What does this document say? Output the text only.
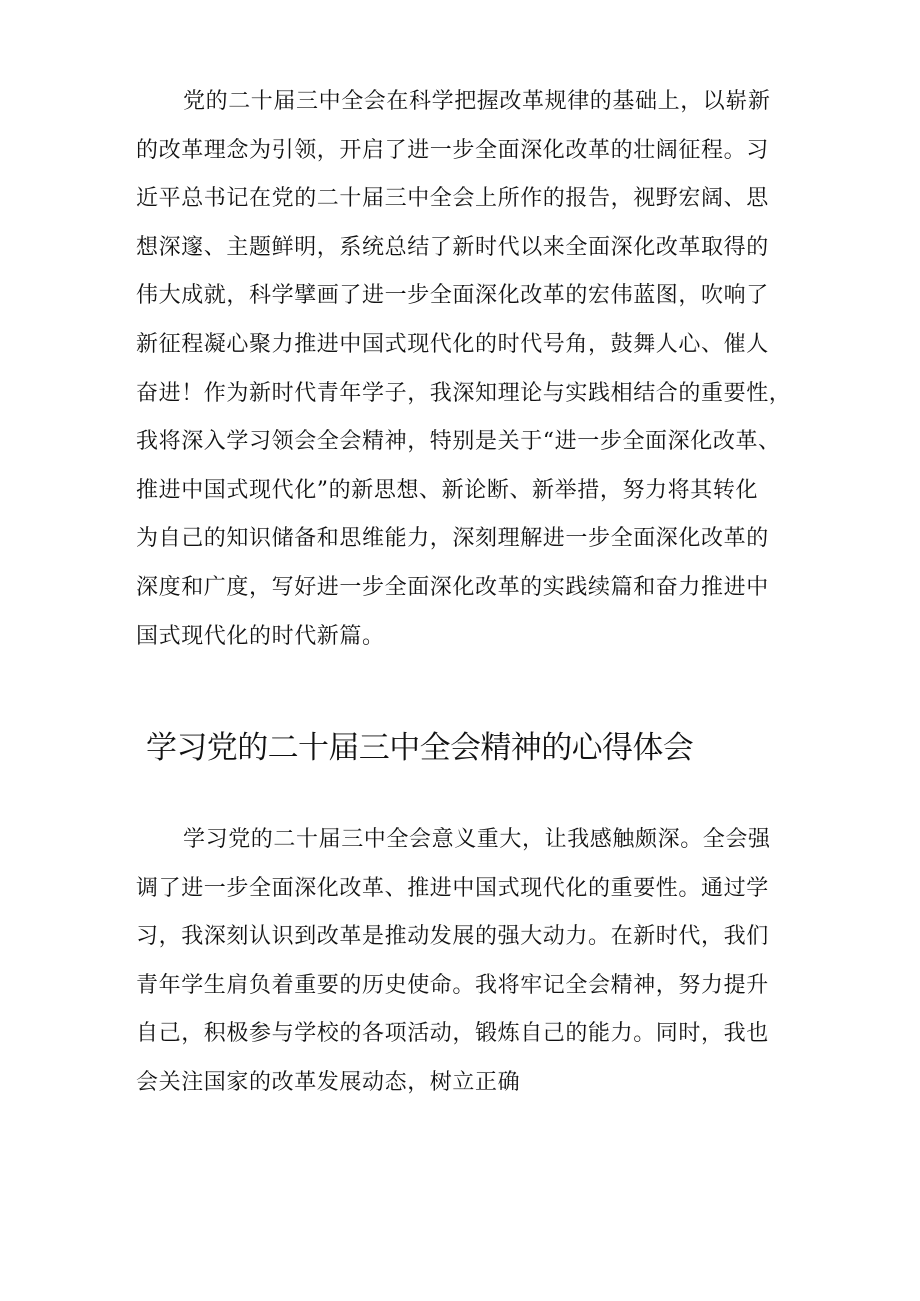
党的二十届三中全会在科学把握改革规律的基础上，以崭新
的改革理念为引领，开启了进一步全面深化改革的壮阔征程。习
近平总书记在党的二十届三中全会上所作的报告，视野宏阔、思
想深邃、主题鲜明，系统总结了新时代以来全面深化改革取得的
伟大成就，科学擘画了进一步全面深化改革的宏伟蓝图，吹响了
新征程凝心聚力推进中国式现代化的时代号角，鼓舞人心、催人
奋进！作为新时代青年学子，我深知理论与实践相结合的重要性，
我将深入学习领会全会精神，特别是关于“进一步全面深化改革、
推进中国式现代化”的新思想、新论断、新举措，努力将其转化
为自己的知识储备和思维能力，深刻理解进一步全面深化改革的
深度和广度，写好进一步全面深化改革的实践续篇和奋力推进中
国式现代化的时代新篇。
学习党的二十届三中全会精神的心得体会
学习党的二十届三中全会意义重大，让我感触颇深。全会强
调了进一步全面深化改革、推进中国式现代化的重要性。通过学
习，我深刻认识到改革是推动发展的强大动力。在新时代，我们
青年学生肩负着重要的历史使命。我将牢记全会精神，努力提升
自己，积极参与学校的各项活动，锻炼自己的能力。同时，我也
会关注国家的改革发展动态，树立正确
